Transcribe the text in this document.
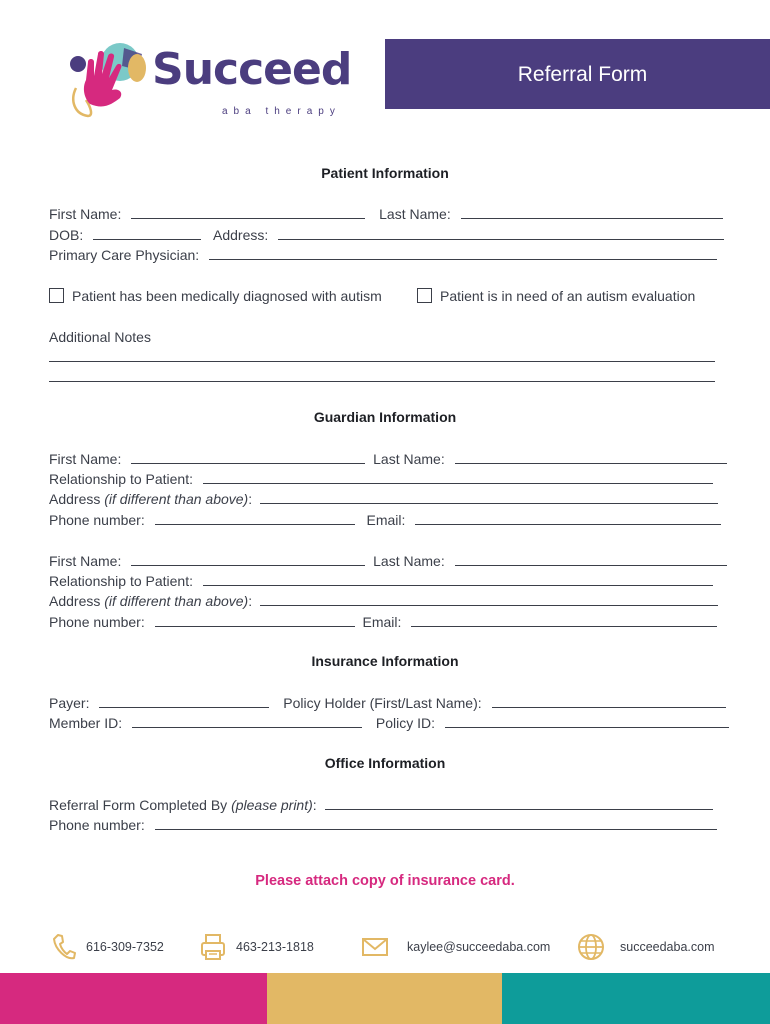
Succeed
aba therapy
Referral Form
Patient Information
First Name:	Last Name:
DOB:	Address:
Primary Care Physician:
Patient has been medically diagnosed with autism	Patient is in need of an autism evaluation
Additional Notes
Guardian Information
First Name:	Last Name:
Relationship to Patient:
Address (if different than above):
Phone number:	Email:
First Name:	Last Name:
Relationship to Patient:
Address (if different than above):
Phone number:	Email:
Insurance Information
Payer:	Policy Holder (First/Last Name):
Member ID:	Policy ID:
Office Information
Referral Form Completed By (please print):
Phone number:
Please attach copy of insurance card.
616-309-7352	463-213-1818	kaylee@succeedaba.com	succeedaba.com
